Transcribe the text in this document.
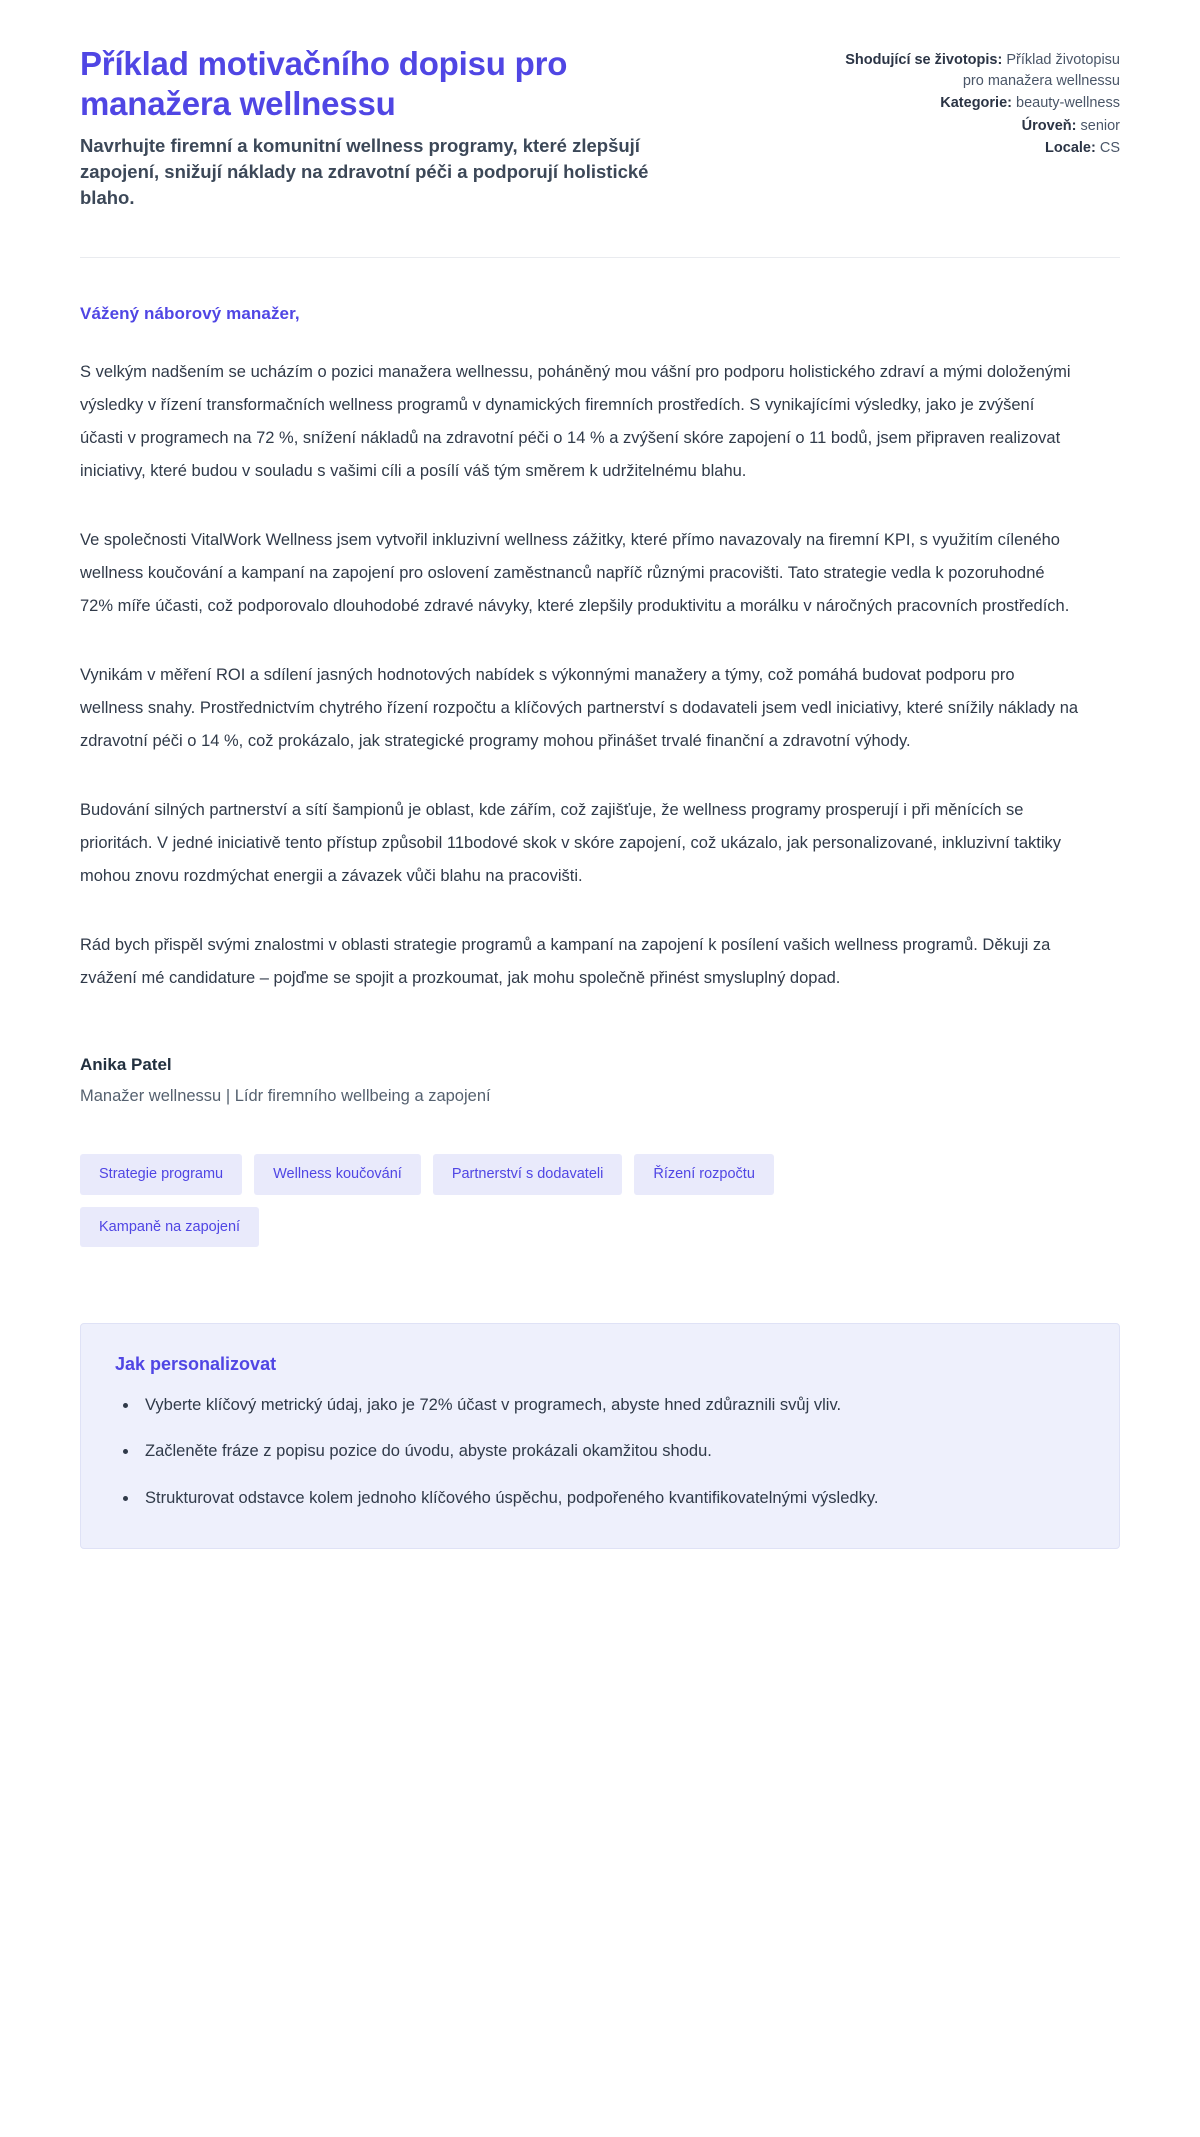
Příklad motivačního dopisu pro manažera wellnessu

Navrhujte firemní a komunitní wellness programy, které zlepšují zapojení, snižují náklady na zdravotní péči a podporují holistické blaho.

Shodující se životopis: Příklad životopisu pro manažera wellnessu
Kategorie: beauty-wellness
Úroveň: senior
Locale: CS

Vážený náborový manažer,

S velkým nadšením se ucházím o pozici manažera wellnessu, poháněný mou vášní pro podporu holistického zdraví a mými doloženými výsledky v řízení transformačních wellness programů v dynamických firemních prostředích. S vynikajícími výsledky, jako je zvýšení účasti v programech na 72 %, snížení nákladů na zdravotní péči o 14 % a zvýšení skóre zapojení o 11 bodů, jsem připraven realizovat iniciativy, které budou v souladu s vašimi cíli a posílí váš tým směrem k udržitelnému blahu.

Ve společnosti VitalWork Wellness jsem vytvořil inkluzivní wellness zážitky, které přímo navazovaly na firemní KPI, s využitím cíleného wellness koučování a kampaní na zapojení pro oslovení zaměstnanců napříč různými pracovišti. Tato strategie vedla k pozoruhodné 72% míře účasti, což podporovalo dlouhodobé zdravé návyky, které zlepšily produktivitu a morálku v náročných pracovních prostředích.

Vynikám v měření ROI a sdílení jasných hodnotových nabídek s výkonnými manažery a týmy, což pomáhá budovat podporu pro wellness snahy. Prostřednictvím chytrého řízení rozpočtu a klíčových partnerství s dodavateli jsem vedl iniciativy, které snížily náklady na zdravotní péči o 14 %, což prokázalo, jak strategické programy mohou přinášet trvalé finanční a zdravotní výhody.

Budování silných partnerství a sítí šampionů je oblast, kde zářím, což zajišťuje, že wellness programy prosperují i při měnících se prioritách. V jedné iniciativě tento přístup způsobil 11bodové skok v skóre zapojení, což ukázalo, jak personalizované, inkluzivní taktiky mohou znovu rozdmýchat energii a závazek vůči blahu na pracovišti.

Rád bych přispěl svými znalostmi v oblasti strategie programů a kampaní na zapojení k posílení vašich wellness programů. Děkuji za zvážení mé candidature – pojďme se spojit a prozkoumat, jak mohu společně přinést smysluplný dopad.

Anika Patel
Manažer wellnessu | Lídr firemního wellbeing a zapojení
Strategie programu	Wellness koučování	Partnerství s dodavateli	Řízení rozpočtu
Kampaně na zapojení
Jak personalizovat
• Vyberte klíčový metrický údaj, jako je 72% účast v programech, abyste hned zdůraznili svůj vliv.
• Začleněte fráze z popisu pozice do úvodu, abyste prokázali okamžitou shodu.
• Strukturovat odstavce kolem jednoho klíčového úspěchu, podpořeného kvantifikovatelnými výsledky.
